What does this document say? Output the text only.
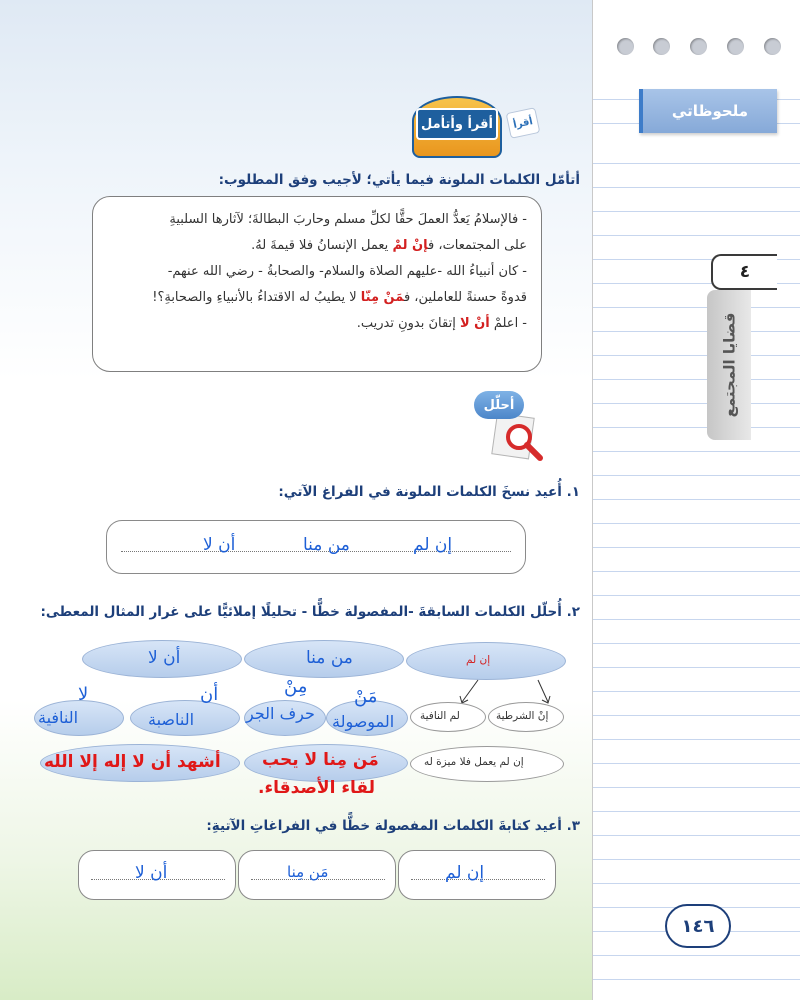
ملحوظاتي
٤
قضايا المجتمع
١٤٦
أقرأ وأتأمل	أقرأ
أتأمّل الكلمات الملونة فيما يأتي؛ لأجيب وفق المطلوب:
- فالإسلامُ يَعدُّ العملَ حقًّا لكلِّ مسلم وحاربَ البطالةَ؛ لآثارها السلبيةِ
على المجتمعات، فإنْ لمْ يعمل الإنسانُ فلا قيمةَ لهُ.
- كان أنبياءُ الله -عليهم الصلاة والسلام- والصحابةُ - رضي الله عنهم-
قدوةً حسنةً للعاملين، فمَنْ مِنّا لا يطيبُ له الاقتداءُ بالأنبياءِ والصحابةِ؟!
- اعلمْ أنْ لا إتقانَ بدونِ تدريب.
أحلّل
١. أُعيد نسخَ الكلمات الملونة في الفراغ الآتي:
إن لم
من منا
أن لا
٢. أُحلّل الكلمات السابقةَ -المفصولة خطًّا - تحليلًا إملائيًّا على غرار المثال المعطى:
إن لم
من منا
أن لا
إنْ الشرطية
لم النافية
مَنْ
الموصولة
مِنْ
حرف الجر
أن
الناصبة
لا
النافية
إن لم يعمل فلا ميزة له
مَن مِنا لا يحب
لقاء الأصدقاء.
أشهد أن لا إله إلا الله
٣. أعيد كتابةَ الكلمات المفصولة خطًّا في الفراغاتِ الآتيةِ:
إن لم
مَن مِنا
أن لا
